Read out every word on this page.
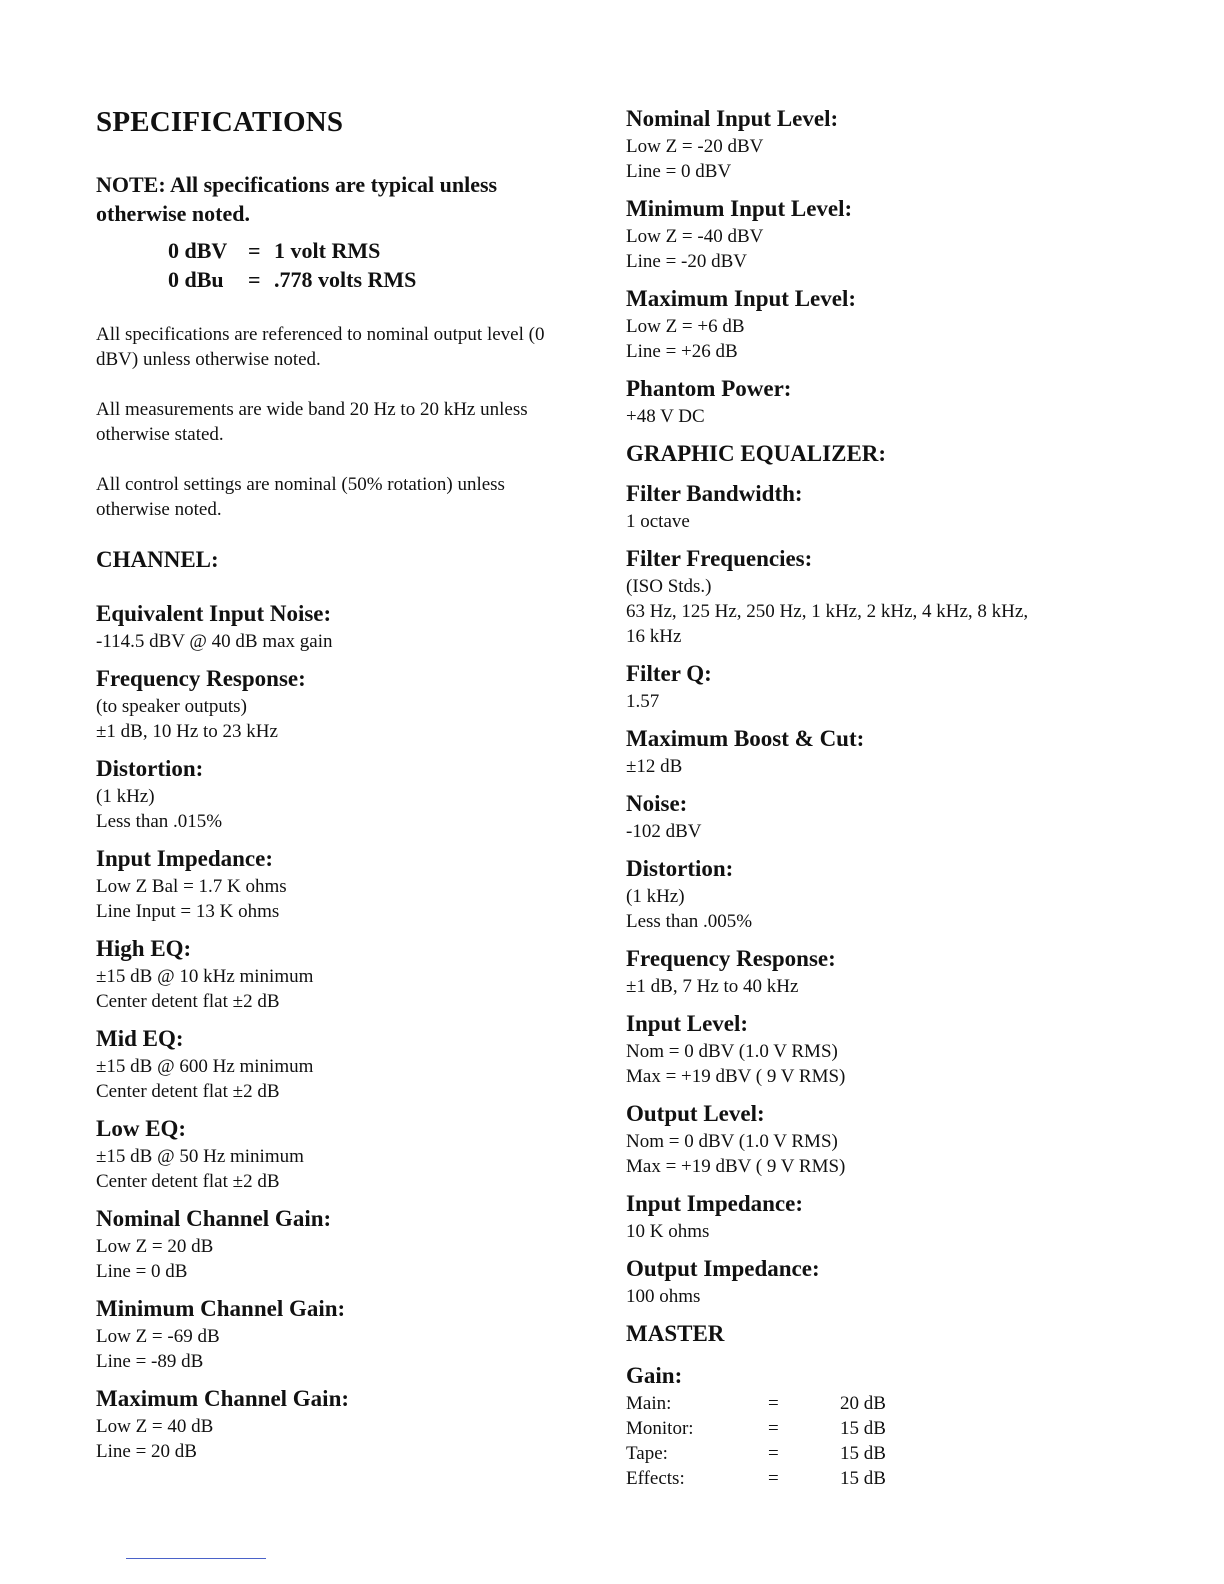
SPECIFICATIONS
NOTE: All specifications are typical unless otherwise noted.
0 dBV = 1 volt RMS
0 dBu = .778 volts RMS
All specifications are referenced to nominal output level (0 dBV) unless otherwise noted.
All measurements are wide band 20 Hz to 20 kHz unless otherwise stated.
All control settings are nominal (50% rotation) unless otherwise noted.
CHANNEL:
Equivalent Input Noise:
-114.5 dBV @ 40 dB max gain
Frequency Response:
(to speaker outputs)
±1 dB, 10 Hz to 23 kHz
Distortion:
(1 kHz)
Less than .015%
Input Impedance:
Low Z Bal = 1.7 K ohms
Line Input = 13 K ohms
High EQ:
±15 dB @ 10 kHz minimum
Center detent flat ±2 dB
Mid EQ:
±15 dB @ 600 Hz minimum
Center detent flat ±2 dB
Low EQ:
±15 dB @ 50 Hz minimum
Center detent flat ±2 dB
Nominal Channel Gain:
Low Z = 20 dB
Line = 0 dB
Minimum Channel Gain:
Low Z = -69 dB
Line = -89 dB
Maximum Channel Gain:
Low Z = 40 dB
Line = 20 dB
Nominal Input Level:
Low Z = -20 dBV
Line = 0 dBV
Minimum Input Level:
Low Z = -40 dBV
Line = -20 dBV
Maximum Input Level:
Low Z = +6 dB
Line = +26 dB
Phantom Power:
+48 V DC
GRAPHIC EQUALIZER:
Filter Bandwidth:
1 octave
Filter Frequencies:
(ISO Stds.)
63 Hz, 125 Hz, 250 Hz, 1 kHz, 2 kHz, 4 kHz, 8 kHz,
16 kHz
Filter Q:
1.57
Maximum Boost & Cut:
±12 dB
Noise:
-102 dBV
Distortion:
(1 kHz)
Less than .005%
Frequency Response:
±1 dB, 7 Hz to 40 kHz
Input Level:
Nom = 0 dBV (1.0 V RMS)
Max = +19 dBV ( 9 V RMS)
Output Level:
Nom = 0 dBV (1.0 V RMS)
Max = +19 dBV ( 9 V RMS)
Input Impedance:
10 K ohms
Output Impedance:
100 ohms
MASTER
Gain:
Main:	=	20 dB
Monitor:	=	15 dB
Tape:	=	15 dB
Effects:	=	15 dB
